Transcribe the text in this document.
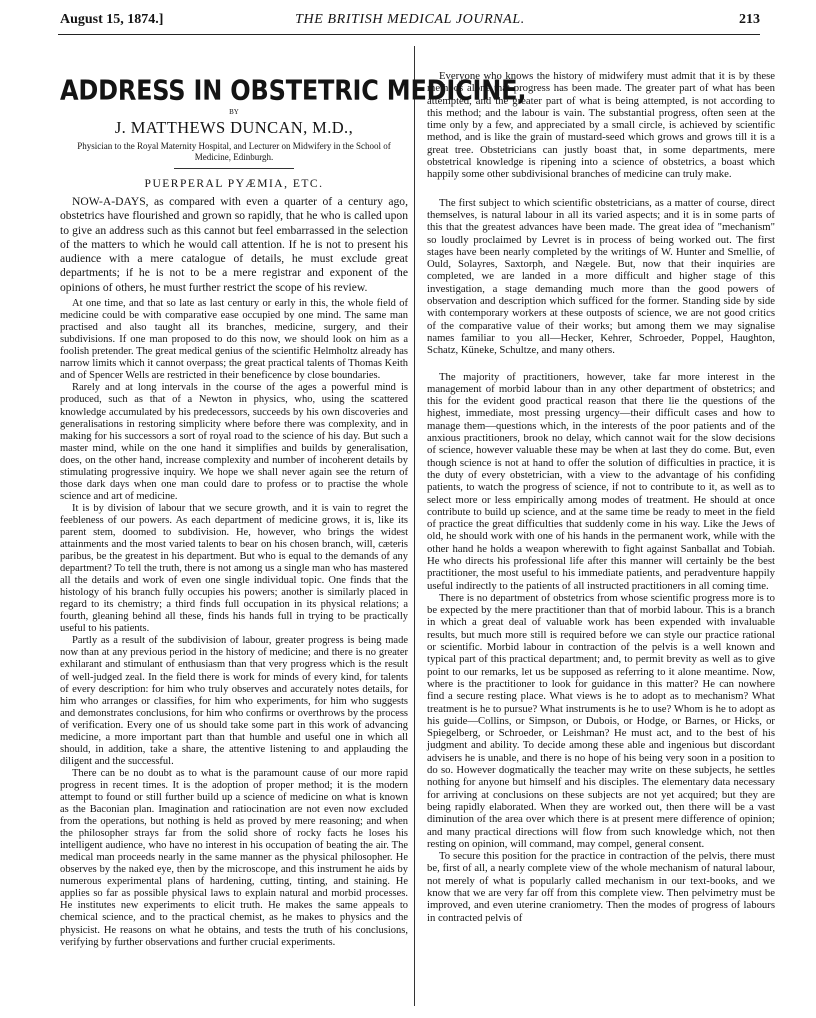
August 15, 1874.]	THE BRITISH MEDICAL JOURNAL.	213
ADDRESS IN OBSTETRIC MEDICINE,
BY
J. MATTHEWS DUNCAN, M.D.,
Physician to the Royal Maternity Hospital, and Lecturer on Midwifery in the School of Medicine, Edinburgh.
PUERPERAL PYÆMIA, ETC.

NOW-A-DAYS, as compared with even a quarter of a century ago, obstetrics have flourished and grown so rapidly, that he who is called upon to give an address such as this cannot but feel embarrassed in the selection of the matters to which he would call attention. If he is not to present his audience with a mere catalogue of details, he must exclude great departments; if he is not to be a mere registrar and exponent of the opinions of others, he must further restrict the scope of his review.

At one time, and that so late as last century or early in this, the whole field of medicine could be with comparative ease occupied by one mind. The same man practised and also taught all its branches, medicine, surgery, and their subdivisions. If one man proposed to do this now, we should look on him as a foolish pretender. The great medical genius of the scientific Helmholtz already has narrow limits which it cannot overpass; the great practical talents of Thomas Keith and of Spencer Wells are restricted in their beneficence by close boundaries.

Rarely and at long intervals in the course of the ages a powerful mind is produced, such as that of a Newton in physics, who, using the scattered knowledge accumulated by his predecessors, succeeds by his own discoveries and generalisations in restoring simplicity where before there was complexity, and in making for his successors a sort of royal road to the science of his day. But such a master mind, while on the one hand it simplifies and builds by generalisation, does, on the other hand, increase complexity and number of incoherent details by stimulating progressive inquiry. We hope we shall never again see the return of those dark days when one man could dare to profess or to practise the whole science and art of medicine.

It is by division of labour that we secure growth, and it is vain to regret the feebleness of our powers. As each department of medicine grows, it is, like its parent stem, doomed to subdivision. He, however, who brings the widest attainments and the most varied talents to bear on his chosen branch, will, cæteris paribus, be the greatest in his department. But who is equal to the demands of any department? To tell the truth, there is not among us a single man who has mastered all the details and work of even one single individual topic. One finds that the histology of his branch fully occupies his powers; another is similarly placed in regard to its chemistry; a third finds full occupation in its physical relations; a fourth, gleaning behind all these, finds his hands full in trying to be practically useful to his patients.

Partly as a result of the subdivision of labour, greater progress is being made now than at any previous period in the history of medicine; and there is no greater exhilarant and stimulant of enthusiasm than that very progress which is the result of well-judged zeal. In the field there is work for minds of every kind, for talents of every description: for him who truly observes and accurately notes details, for him who arranges or classifies, for him who experiments, for him who suggests and demonstrates conclusions, for him who confirms or overthrows by the process of verification. Every one of us should take some part in this work of advancing medicine, a more important part than that humble and useful one in which all should, in addition, take a share, the attentive listening to and applauding the diligent and the successful.

There can be no doubt as to what is the paramount cause of our more rapid progress in recent times. It is the adoption of proper method; it is the modern attempt to found or still further build up a science of medicine on what is known as the Baconian plan. Imagination and ratiocination are not even now excluded from the operations, but nothing is held as proved by mere reasoning; and when the philosopher strays far from the solid shore of rocky facts he loses his intelligent audience, who have no interest in his occupation of beating the air. The medical man proceeds nearly in the same manner as the physical philosopher. He observes by the naked eye, then by the microscope, and this instrument he aids by numerous experimental plans of hardening, cutting, tinting, and staining. He applies so far as possible physical laws to explain natural and morbid processes. He institutes new experiments to elicit truth. He makes the same appeals to chemical science, and to the practical chemist, as he makes to physics and the physicist. He reasons on what he obtains, and tests the truth of his conclusions, verifying by further observations and further crucial experiments.

Everyone who knows the history of midwifery must admit that it is by these methods alone that progress has been made. The greater part of what has been attempted, and the greater part of what is being attempted, is not according to this method; and the labour is vain. The substantial progress, often seen at the time only by a few, and appreciated by a small circle, is achieved by scientific method, and is like the grain of mustard-seed which grows and grows till it is a great tree. Obstetricians can justly boast that, in some departments, mere obstetrical knowledge is ripening into a science of obstetrics, a boast which happily some other subdivisional branches of medicine can truly make.

The first subject to which scientific obstetricians, as a matter of course, direct themselves, is natural labour in all its varied aspects; and it is in some parts of this that the greatest advances have been made. The great idea of "mechanism" so loudly proclaimed by Levret is in process of being worked out. The first stages have been nearly completed by the writings of W. Hunter and Smellie, of Ould, Solayres, Saxtorph, and Nægele. But, now that their inquiries are completed, we are landed in a more difficult and higher stage of this investigation, a stage demanding much more than the good powers of observation and description which sufficed for the former. Standing side by side with contemporary workers at these outposts of science, we are not good critics of the comparative value of their works; but among them we may signalise names familiar to you all—Hecker, Kehrer, Schroeder, Poppel, Haughton, Schatz, Küneke, Schultze, and many others.

The majority of practitioners, however, take far more interest in the management of morbid labour than in any other department of obstetrics; and this for the evident good practical reason that there lie the questions of the highest, immediate, most pressing urgency—their difficult cases and how to manage them—questions which, in the interests of the poor patients and of the anxious practitioners, brook no delay, which cannot wait for the slow decisions of science, however valuable these may be when at last they do come. But, even though science is not at hand to offer the solution of difficulties in practice, it is the duty of every obstetrician, with a view to the advantage of his confiding patients, to watch the progress of science, if not to contribute to it, as well as to select more or less empirically among modes of treatment. He should at once contribute to build up science, and at the same time be ready to meet in the field of practice the great difficulties that suddenly come in his way. Like the Jews of old, he should work with one of his hands in the permanent work, while with the other hand he holds a weapon wherewith to fight against Sanballat and Tobiah. He who directs his professional life after this manner will certainly be the best practitioner, the most useful to his immediate patients, and peradventure happily useful indirectly to the patients of all instructed practitioners in all coming time.

There is no department of obstetrics from whose scientific progress more is to be expected by the mere practitioner than that of morbid labour. This is a branch in which a great deal of valuable work has been expended with invaluable results, but much more still is required before we can style our practice rational or scientific. Morbid labour in contraction of the pelvis is a well known and typical part of this practical department; and, to permit brevity as well as to give point to our remarks, let us be supposed as referring to it alone meantime. Now, where is the practitioner to look for guidance in this matter? He can nowhere find a secure resting place. What views is he to adopt as to mechanism? What treatment is he to pursue? What instruments is he to use? Whom is he to adopt as his guide—Collins, or Simpson, or Dubois, or Hodge, or Barnes, or Hicks, or Spiegelberg, or Schroeder, or Leishman? He must act, and to the best of his judgment and ability. To decide among these able and ingenious but discordant advisers he is unable, and there is no hope of his being very soon in a position to do so. However dogmatically the teacher may write on these subjects, he settles nothing for anyone but himself and his disciples. The elementary data necessary for arriving at conclusions on these subjects are not yet acquired; but they are being rapidly elaborated. When they are worked out, then there will be a vast diminution of the area over which there is at present mere difference of opinion; and many practical directions will flow from such knowledge which, not then resting on opinion, will command, may compel, general consent.

To secure this position for the practice in contraction of the pelvis, there must be, first of all, a nearly complete view of the whole mechanism of natural labour, not merely of what is popularly called mechanism in our text-books, and we know that we are very far off from this complete view. Then pelvimetry must be improved, and even uterine craniometry. Then the modes of progress of labours in contracted pelvis of
